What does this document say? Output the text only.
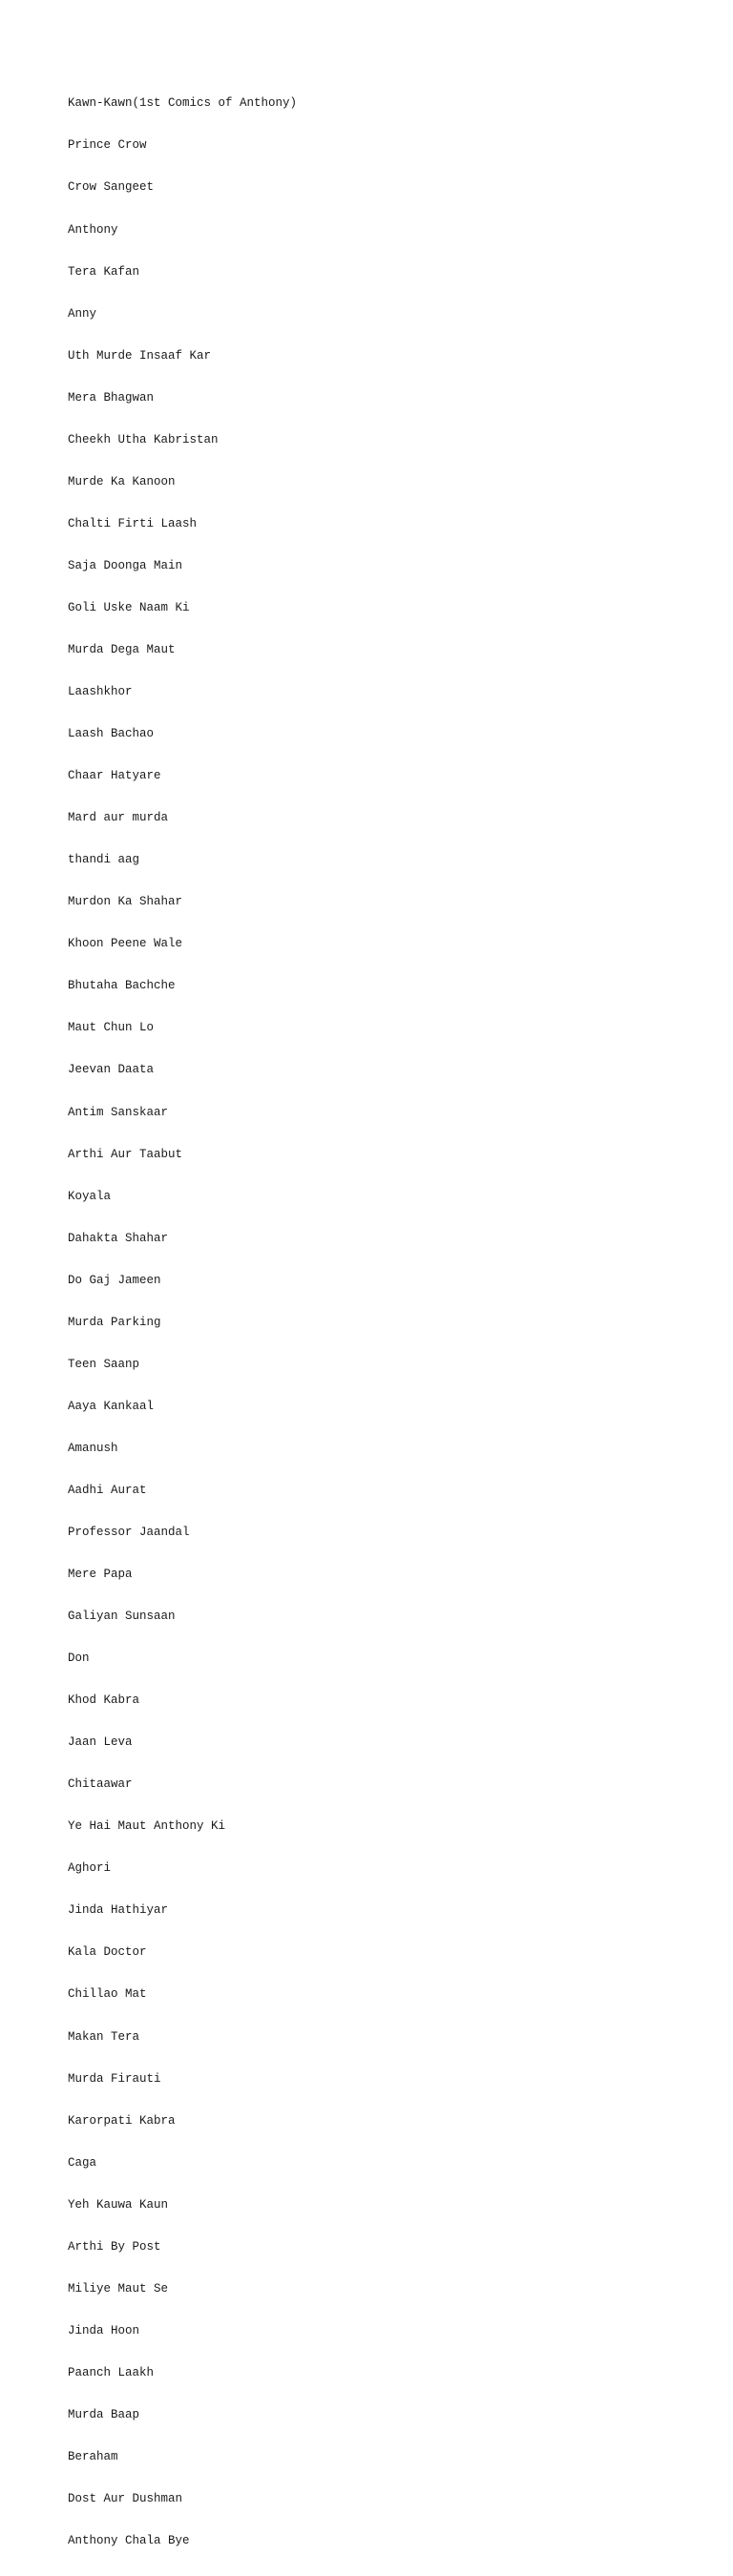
Kawn-Kawn(1st Comics of Anthony)

Prince Crow

Crow Sangeet

Anthony

Tera Kafan

Anny

Uth Murde Insaaf Kar

Mera Bhagwan

Cheekh Utha Kabristan

Murde Ka Kanoon

Chalti Firti Laash

Saja Doonga Main

Goli Uske Naam Ki

Murda Dega Maut

Laashkhor

Laash Bachao

Chaar Hatyare

Mard aur murda

thandi aag

Murdon Ka Shahar

Khoon Peene Wale

Bhutaha Bachche

Maut Chun Lo

Jeevan Daata

Antim Sanskaar

Arthi Aur Taabut

Koyala

Dahakta Shahar

Do Gaj Jameen

Murda Parking

Teen Saanp

Aaya Kankaal

Amanush

Aadhi Aurat

Professor Jaandal

Mere Papa

Galiyan Sunsaan

Don

Khod Kabra

Jaan Leva

Chitaawar

Ye Hai Maut Anthony Ki

Aghori

Jinda Hathiyar

Kala Doctor

Chillao Mat

Makan Tera

Murda Firauti

Karorpati Kabra

Caga

Yeh Kauwa Kaun

Arthi By Post

Miliye Maut Se

Jinda Hoon

Paanch Laakh

Murda Baap

Beraham

Dost Aur Dushman

Anthony Chala Bye
